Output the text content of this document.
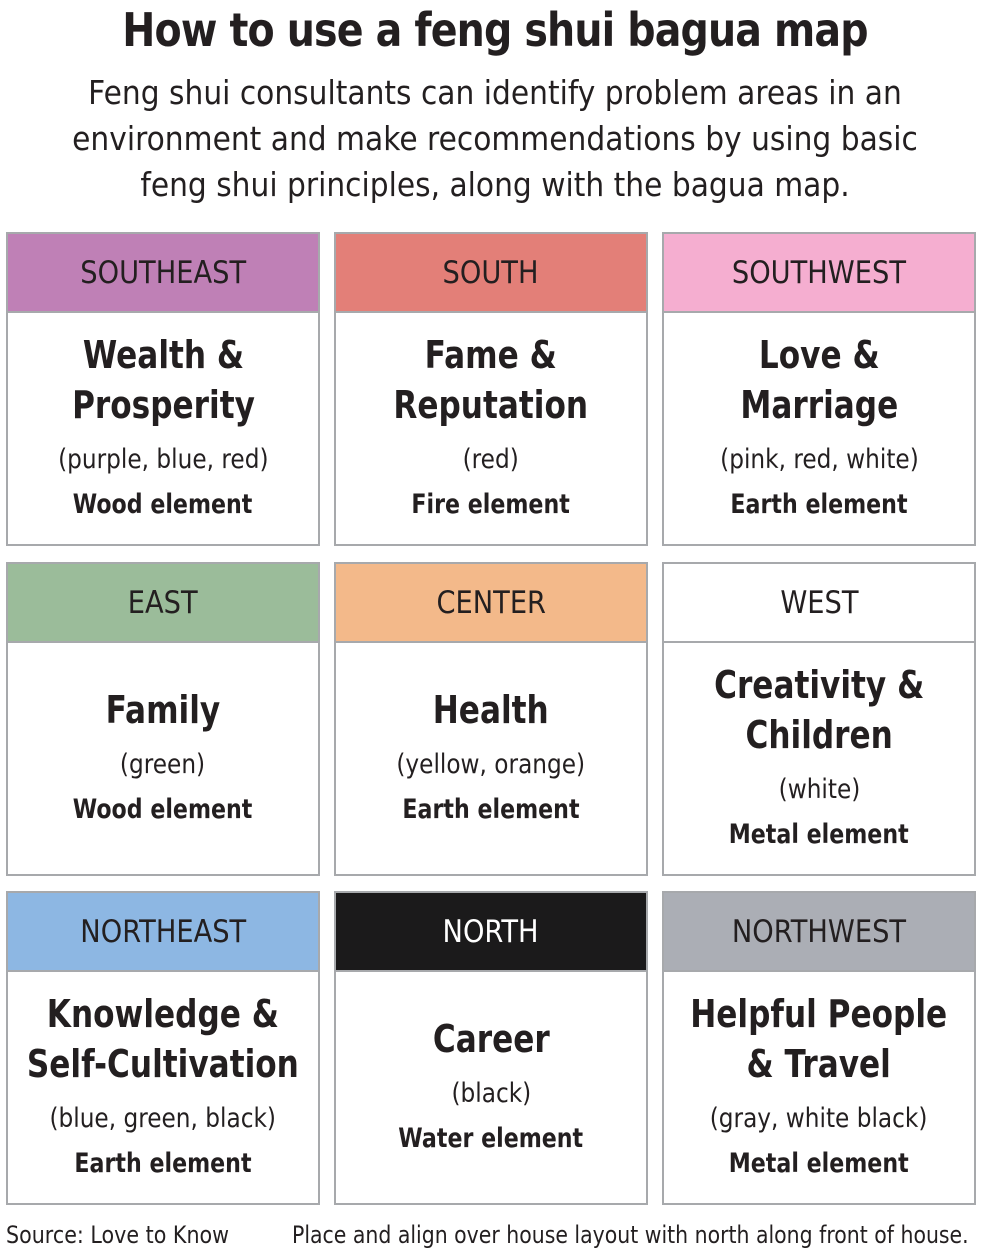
How to use a feng shui bagua map
Feng shui consultants can identify problem areas in an environment and make recommendations by using basic feng shui principles, along with the bagua map.
SOUTHEAST
Wealth &
Prosperity
(purple, blue, red)
Wood element
SOUTH
Fame &
Reputation
(red)
Fire element
SOUTHWEST
Love &
Marriage
(pink, red, white)
Earth element
EAST
Family
(green)
Wood element
CENTER
Health
(yellow, orange)
Earth element
WEST
Creativity &
Children
(white)
Metal element
NORTHEAST
Knowledge &
Self-Cultivation
(blue, green, black)
Earth element
NORTH
Career
(black)
Water element
NORTHWEST
Helpful People
& Travel
(gray, white black)
Metal element
Source: Love to Know	Place and align over house layout with north along front of house.
